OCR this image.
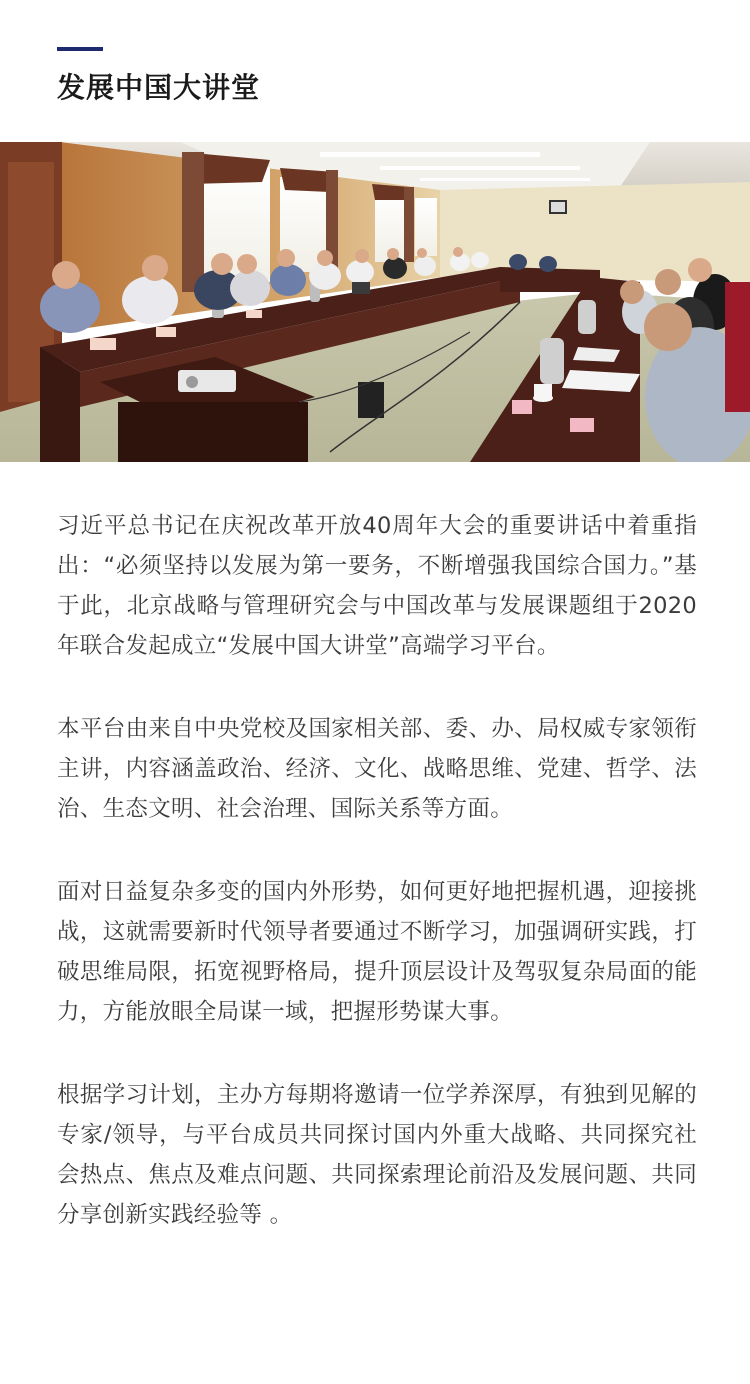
发展中国大讲堂

习近平总书记在庆祝改革开放40周年大会的重要讲话中着重指出：“必须坚持以发展为第一要务，不断增强我国综合国力。”基于此，北京战略与管理研究会与中国改革与发展课题组于2020年联合发起成立“发展中国大讲堂”高端学习平台。

本平台由来自中央党校及国家相关部、委、办、局权威专家领衔主讲，内容涵盖政治、经济、文化、战略思维、党建、哲学、法治、生态文明、社会治理、国际关系等方面。

面对日益复杂多变的国内外形势，如何更好地把握机遇，迎接挑战，这就需要新时代领导者要通过不断学习，加强调研实践，打破思维局限，拓宽视野格局，提升顶层设计及驾驭复杂局面的能力，方能放眼全局谋一域，把握形势谋大事。

根据学习计划，主办方每期将邀请一位学养深厚，有独到见解的专家/领导，与平台成员共同探讨国内外重大战略、共同探究社会热点、焦点及难点问题、共同探索理论前沿及发展问题、共同分享创新实践经验等 。
